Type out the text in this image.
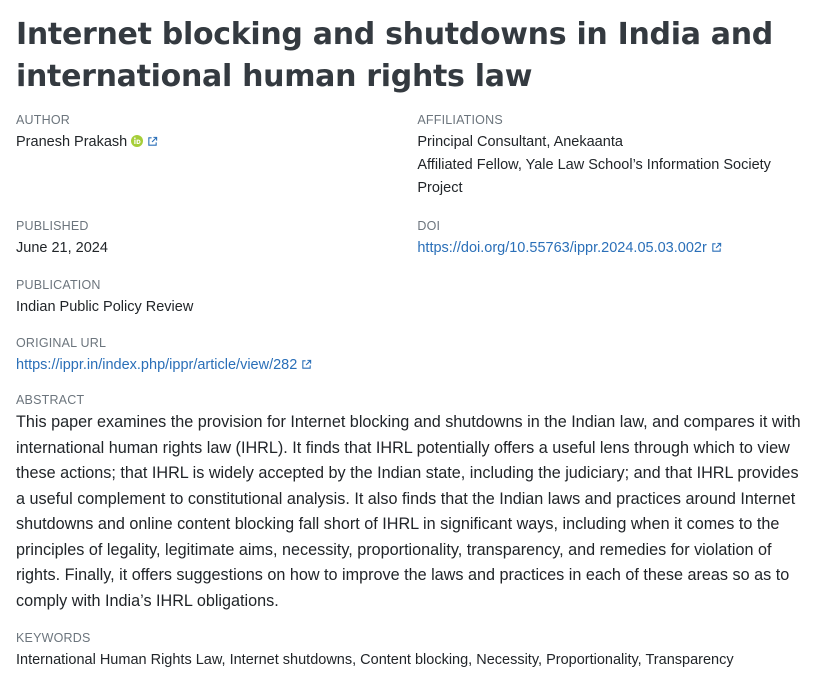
Internet blocking and shutdowns in India and international human rights law
AUTHOR
Pranesh Prakash
AFFILIATIONS
Principal Consultant, Anekaanta
Affiliated Fellow, Yale Law School’s Information Society Project
PUBLISHED
June 21, 2024
DOI
https://doi.org/10.55763/ippr.2024.05.03.002r
PUBLICATION
Indian Public Policy Review
ORIGINAL URL
https://ippr.in/index.php/ippr/article/view/282
ABSTRACT

This paper examines the provision for Internet blocking and shutdowns in the Indian law, and compares it with international human rights law (IHRL). It finds that IHRL potentially offers a useful lens through which to view these actions; that IHRL is widely accepted by the Indian state, including the judiciary; and that IHRL provides a useful complement to constitutional analysis. It also finds that the Indian laws and practices around Internet shutdowns and online content blocking fall short of IHRL in significant ways, including when it comes to the principles of legality, legitimate aims, necessity, proportionality, transparency, and remedies for violation of rights. Finally, it offers suggestions on how to improve the laws and practices in each of these areas so as to comply with India’s IHRL obligations.

KEYWORDS
International Human Rights Law, Internet shutdowns, Content blocking, Necessity, Proportionality, Transparency
